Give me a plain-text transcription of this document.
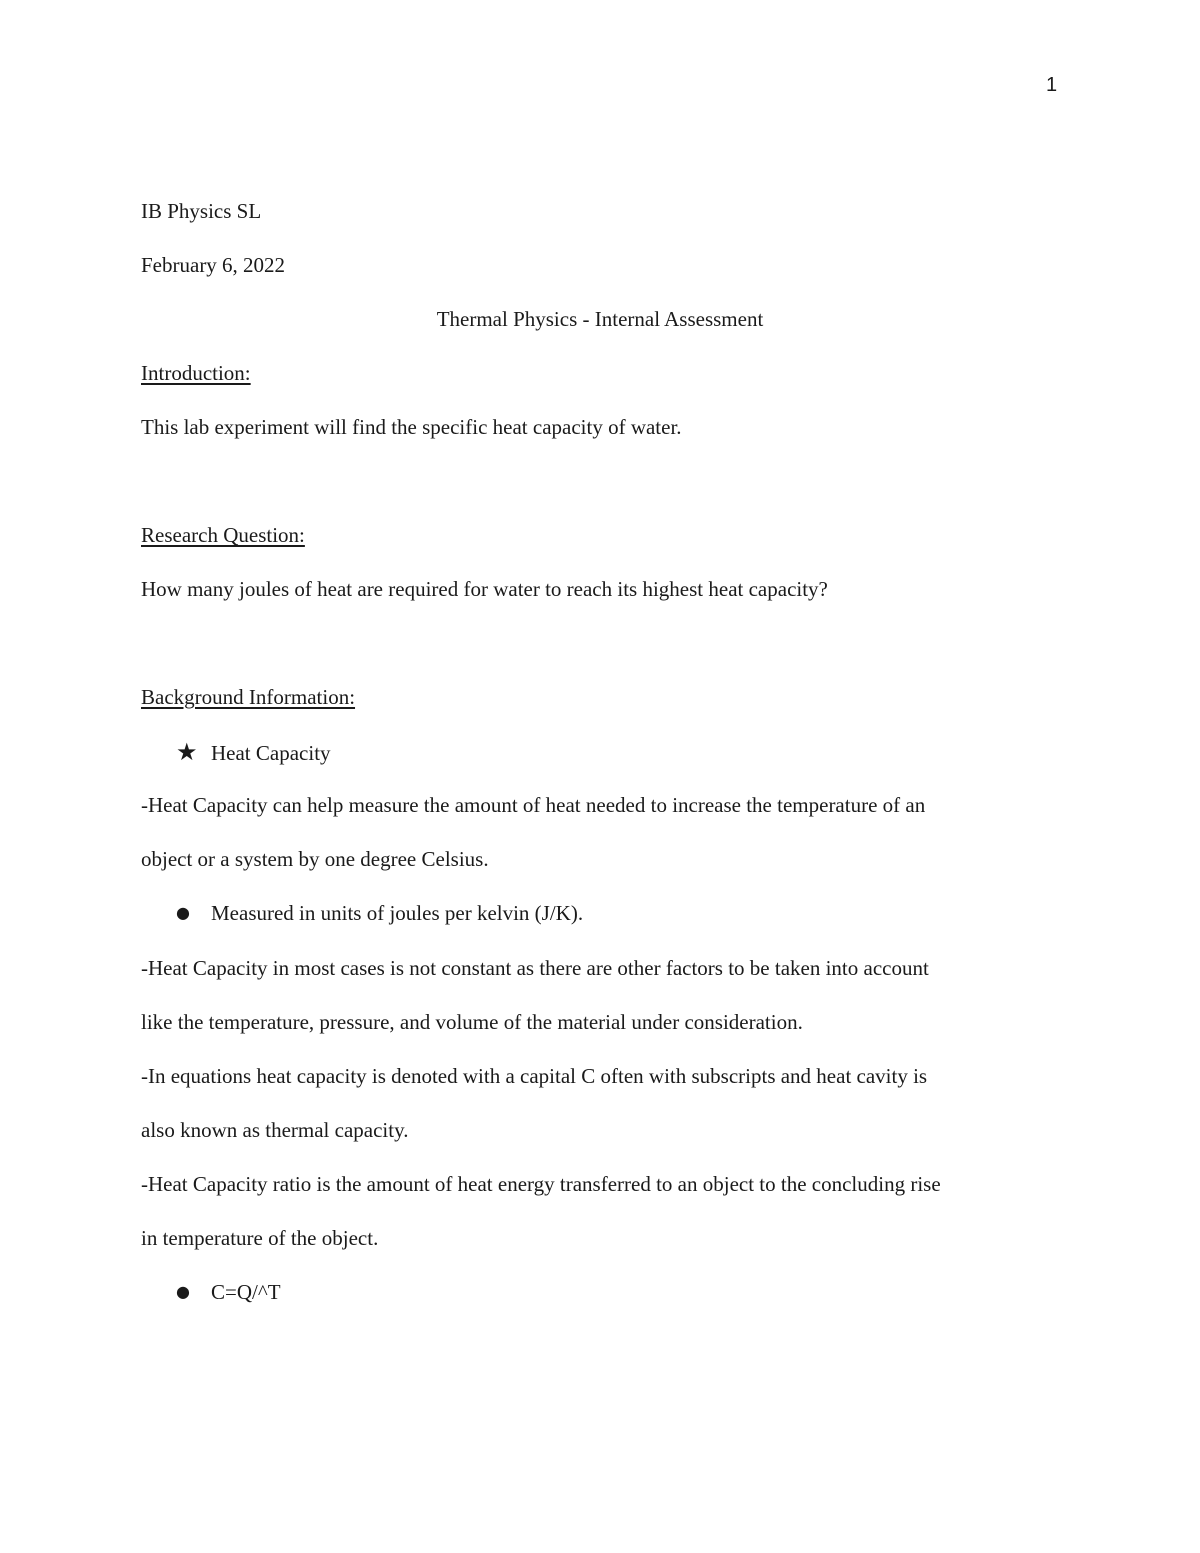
1
IB Physics SL
February 6, 2022
Thermal Physics - Internal Assessment
Introduction:
This lab experiment will find the specific heat capacity of water.
Research Question:
How many joules of heat are required for water to reach its highest heat capacity?
Background Information:
★ Heat Capacity
-Heat Capacity can help measure the amount of heat needed to increase the temperature of an
object or a system by one degree Celsius.
● Measured in units of joules per kelvin (J/K).
-Heat Capacity in most cases is not constant as there are other factors to be taken into account
like the temperature, pressure, and volume of the material under consideration.
-In equations heat capacity is denoted with a capital C often with subscripts and heat cavity is
also known as thermal capacity.
-Heat Capacity ratio is the amount of heat energy transferred to an object to the concluding rise
in temperature of the object.
● C=Q/^T
